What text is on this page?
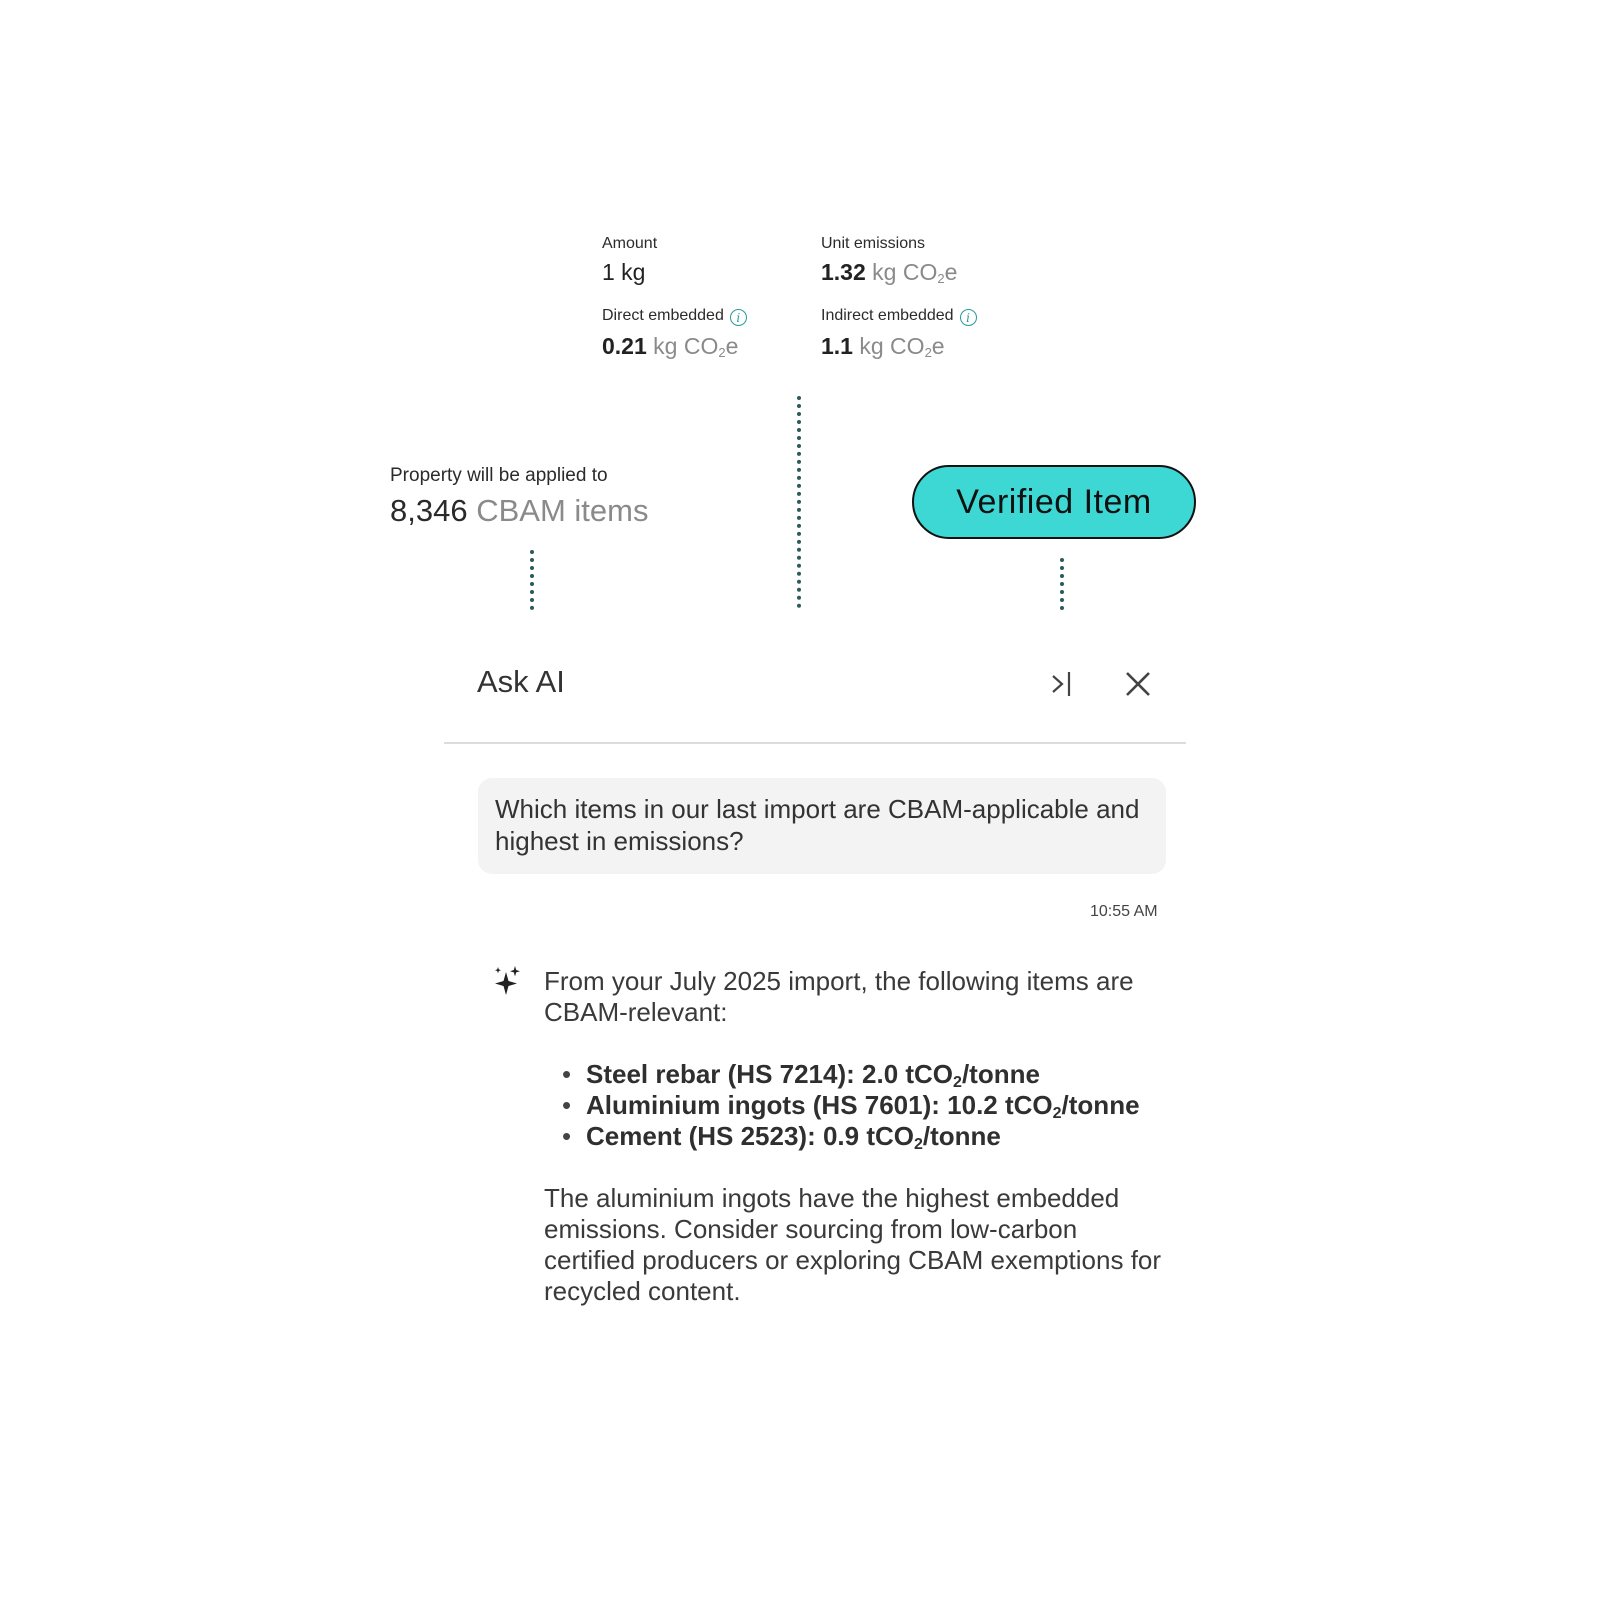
Amount
1 kg
Unit emissions
1.32 kg $CO_2e$
Direct embedded i
0.21 kg $CO_2e$
Indirect embedded i
1.1 kg $CO_2e$
Property will be applied to
8,346 CBAM items	Verified Item
Ask AI
Which items in our last import are CBAM-applicable and highest in emissions?
10:55 AM

From your July 2025 import, the following items are CBAM-relevant:

• Steel rebar (HS 7214): 2.0 tCO$_2$/tonne
• Aluminium ingots (HS 7601): 10.2 tCO$_2$/tonne
• Cement (HS 2523): 0.9 tCO$_2$/tonne

The aluminium ingots have the highest embedded emissions. Consider sourcing from low-carbon certified producers or exploring CBAM exemptions for recycled content.
